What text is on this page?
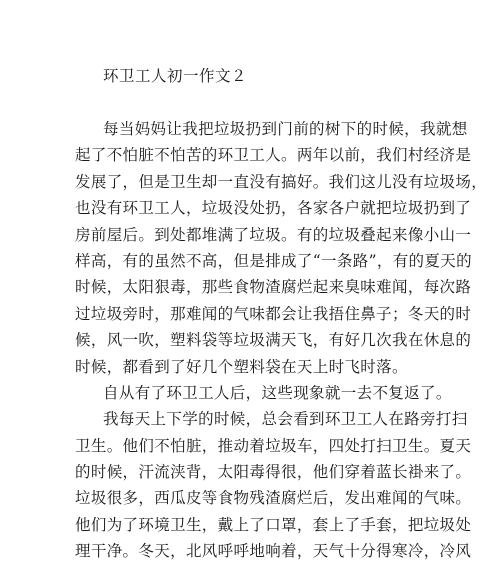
环卫工人初一作文２
每当妈妈让我把垃圾扔到门前的树下的时候，我就想
起了不怕脏不怕苦的环卫工人。两年以前，我们村经济是
发展了，但是卫生却一直没有搞好。我们这儿没有垃圾场，
也没有环卫工人，垃圾没处扔，各家各户就把垃圾扔到了
房前屋后。到处都堆满了垃圾。有的垃圾叠起来像小山一
样高，有的虽然不高，但是排成了“一条路”，有的夏天的
时候，太阳狠毒，那些食物渣腐烂起来臭味难闻，每次路
过垃圾旁时，那难闻的气味都会让我捂住鼻子；冬天的时
候，风一吹，塑料袋等垃圾满天飞，有好几次我在休息的
时候，都看到了好几个塑料袋在天上时飞时落。
自从有了环卫工人后，这些现象就一去不复返了。
我每天上下学的时候，总会看到环卫工人在路旁打扫
卫生。他们不怕脏，推动着垃圾车，四处打扫卫生。夏天
的时候，汗流浃背，太阳毒得很，他们穿着蓝长褂来了。
垃圾很多，西瓜皮等食物残渣腐烂后，发出难闻的气味。
他们为了环境卫生，戴上了口罩，套上了手套，把垃圾处
理干净。冬天，北风呼呼地响着，天气十分得寒冷，冷风
